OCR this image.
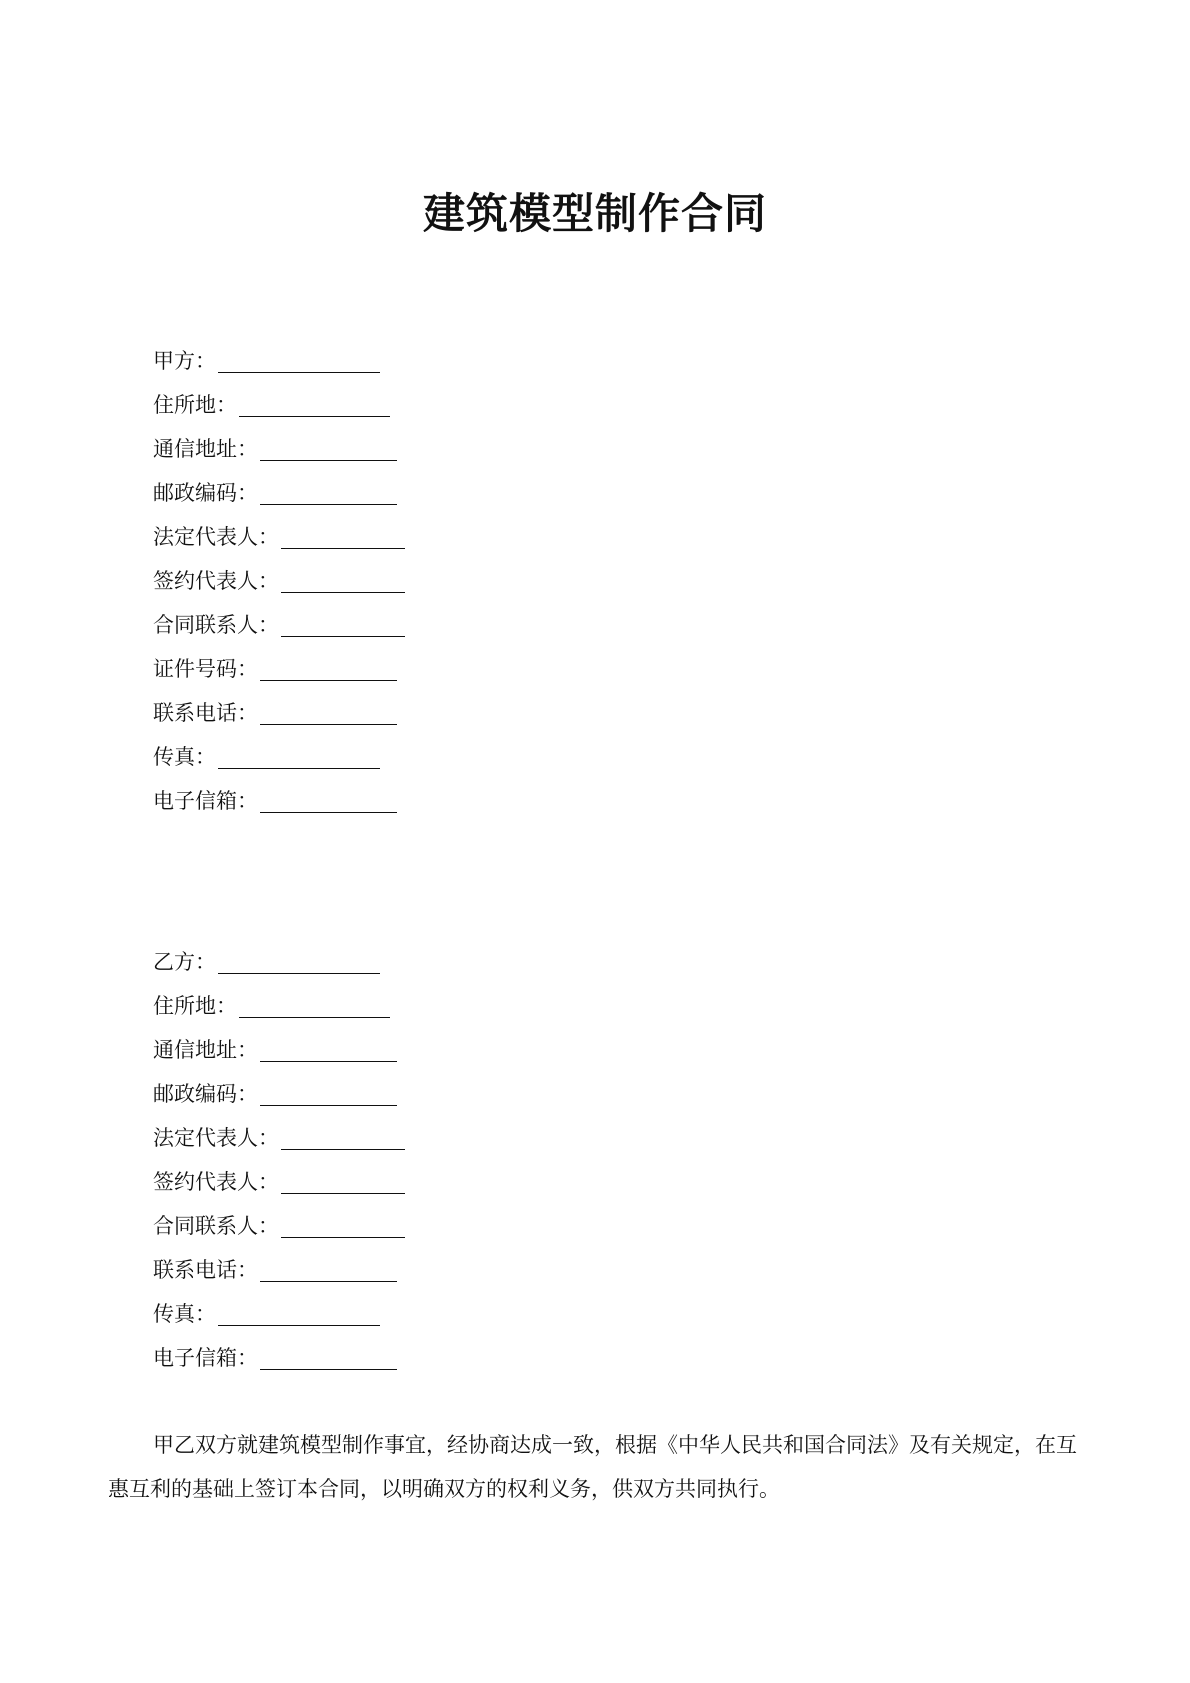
建筑模型制作合同
甲方：
住所地：
通信地址：
邮政编码：
法定代表人：
签约代表人：
合同联系人：
证件号码：
联系电话：
传真：
电子信箱：
乙方：
住所地：
通信地址：
邮政编码：
法定代表人：
签约代表人：
合同联系人：
联系电话：
传真：
电子信箱：

甲乙双方就建筑模型制作事宜，经协商达成一致，根据《中华人民共和国合同法》及有关规定，在互惠互利的基础上签订本合同，以明确双方的权利义务，供双方共同执行。
